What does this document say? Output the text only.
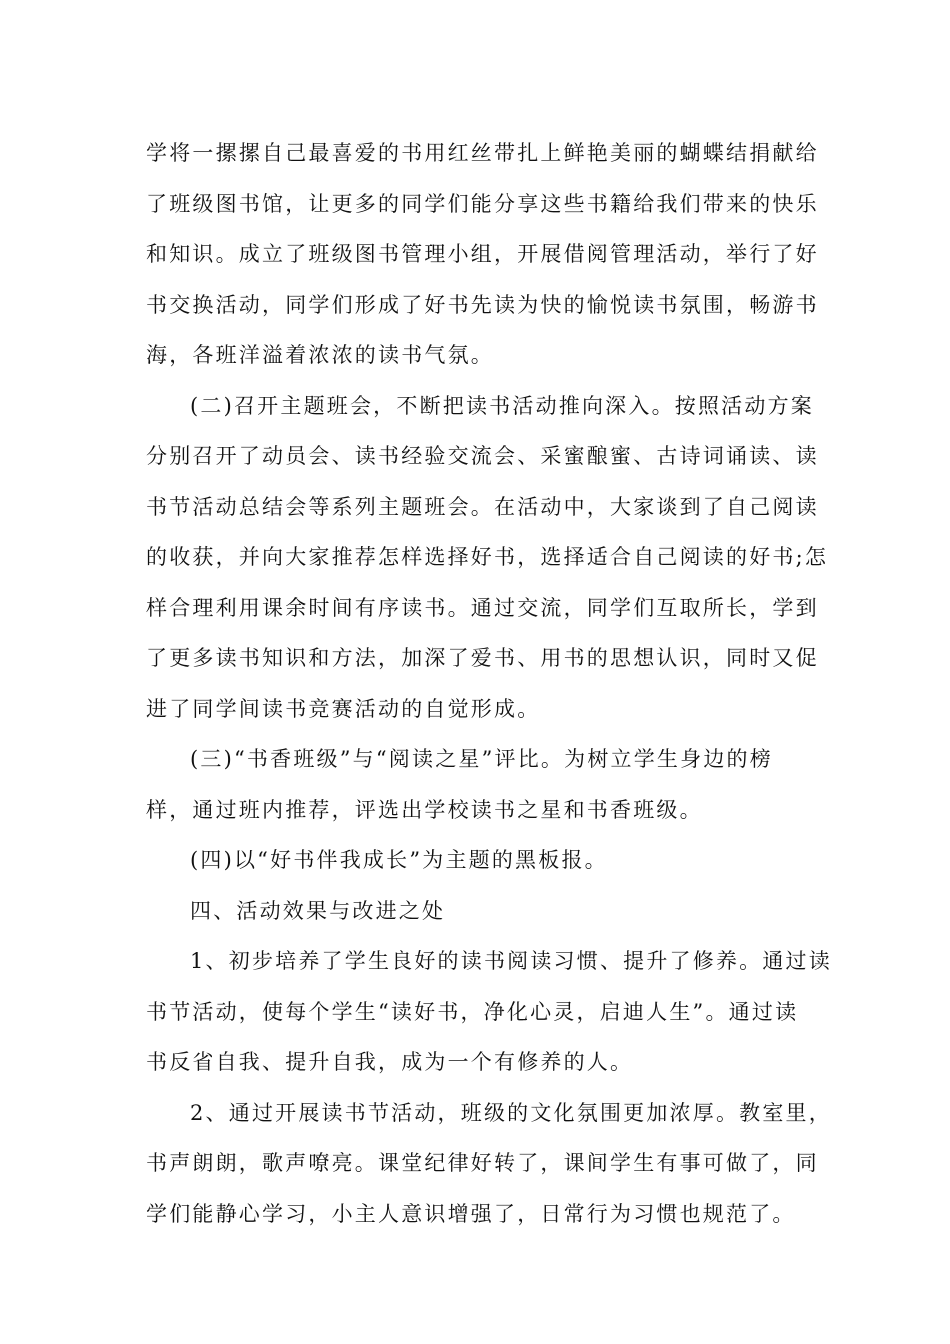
学将一摞摞自己最喜爱的书用红丝带扎上鲜艳美丽的蝴蝶结捐献给

了班级图书馆，让更多的同学们能分享这些书籍给我们带来的快乐

和知识。成立了班级图书管理小组，开展借阅管理活动，举行了好

书交换活动，同学们形成了好书先读为快的愉悦读书氛围，畅游书

海，各班洋溢着浓浓的读书气氛。

(二)召开主题班会，不断把读书活动推向深入。按照活动方案

分别召开了动员会、读书经验交流会、采蜜酿蜜、古诗词诵读、读

书节活动总结会等系列主题班会。在活动中，大家谈到了自己阅读

的收获，并向大家推荐怎样选择好书，选择适合自己阅读的好书;怎

样合理利用课余时间有序读书。通过交流，同学们互取所长，学到

了更多读书知识和方法，加深了爱书、用书的思想认识，同时又促

进了同学间读书竞赛活动的自觉形成。

(三)“书香班级”与“阅读之星”评比。为树立学生身边的榜

样，通过班内推荐，评选出学校读书之星和书香班级。

(四)以“好书伴我成长”为主题的黑板报。

四、活动效果与改进之处

1、初步培养了学生良好的读书阅读习惯、提升了修养。通过读

书节活动，使每个学生“读好书，净化心灵，启迪人生”。通过读

书反省自我、提升自我，成为一个有修养的人。

2、通过开展读书节活动，班级的文化氛围更加浓厚。教室里，

书声朗朗，歌声嘹亮。课堂纪律好转了，课间学生有事可做了，同

学们能静心学习，小主人意识增强了，日常行为习惯也规范了。
